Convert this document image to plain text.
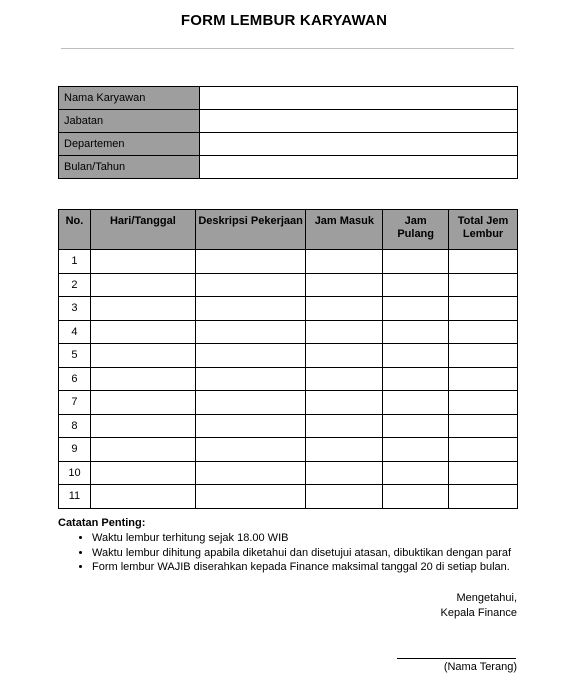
FORM LEMBUR KARYAWAN
Nama Karyawan	
Jabatan	
Departemen	
Bulan/Tahun	
No.	Hari/Tanggal	Deskripsi Pekerjaan	Jam Masuk	Jam Pulang	Total Jem Lembur
1					
2					
3					
4					
5					
6					
7					
8					
9					
10					
11					
Catatan Penting:
• Waktu lembur terhitung sejak 18.00 WIB
• Waktu lembur dihitung apabila diketahui dan disetujui atasan, dibuktikan dengan paraf
• Form lembur WAJIB diserahkan kepada Finance maksimal tanggal 20 di setiap bulan.
Mengetahui,
Kepala Finance
(Nama Terang)
